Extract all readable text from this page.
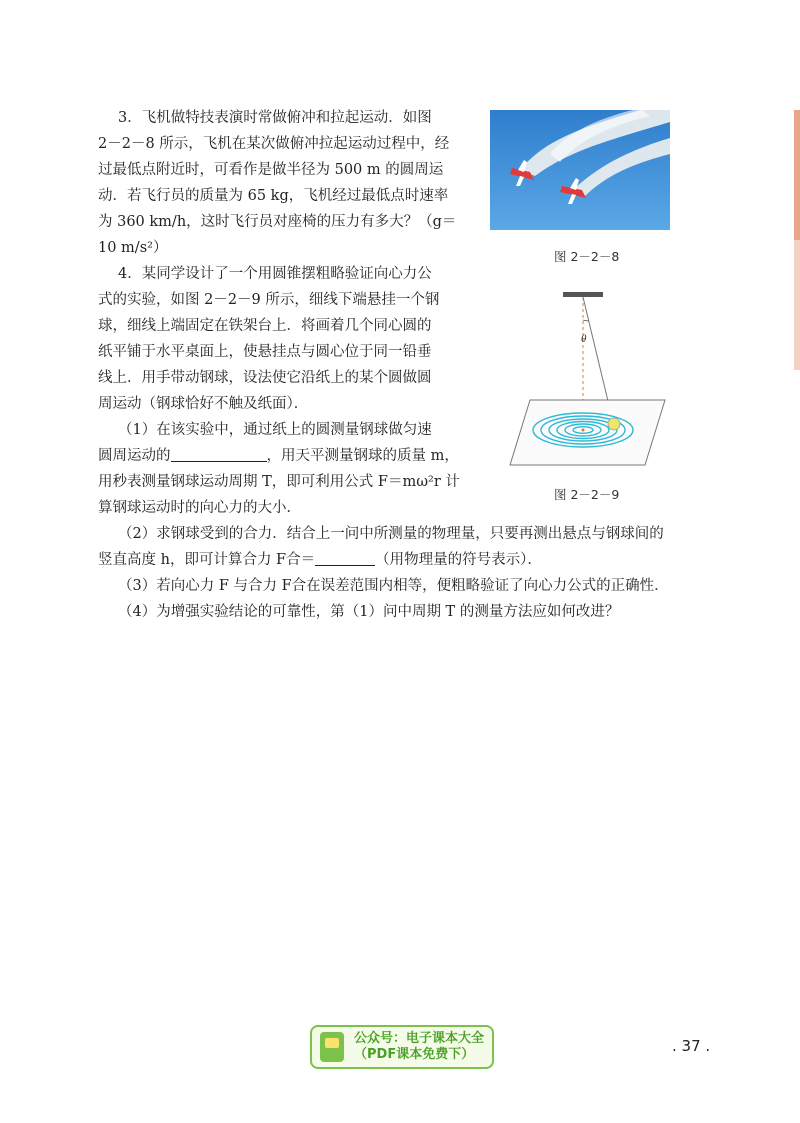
3．飞机做特技表演时常做俯冲和拉起运动．如图
2－2－8 所示，飞机在某次做俯冲拉起运动过程中，经
过最低点附近时，可看作是做半径为 500 m 的圆周运
动．若飞行员的质量为 65 kg，飞机经过最低点时速率
为 360 km/h，这时飞行员对座椅的压力有多大？（g＝
10 m/s²）
4．某同学设计了一个用圆锥摆粗略验证向心力公
式的实验，如图 2－2－9 所示，细线下端悬挂一个钢
球，细线上端固定在铁架台上．将画着几个同心圆的
纸平铺于水平桌面上，使悬挂点与圆心位于同一铅垂
线上．用手带动钢球，设法使它沿纸上的某个圆做圆
周运动（钢球恰好不触及纸面）．
（1）在该实验中，通过纸上的圆测量钢球做匀速
圆周运动的	，用天平测量钢球的质量 m，
用秒表测量钢球运动周期 T，即可利用公式 F＝mω²r 计
算钢球运动时的向心力的大小．
（2）求钢球受到的合力．结合上一问中所测量的物理量，只要再测出悬点与钢球间的
竖直高度 h，即可计算合力 F合＝	（用物理量的符号表示）．
（3）若向心力 F 与合力 F合在误差范围内相等，便粗略验证了向心力公式的正确性．
（4）为增强实验结论的可靠性，第（1）问中周期 T 的测量方法应如何改进？
图 2－2－8
θ
图 2－2－9
公众号：电子课本大全
（PDF课本免费下）	. 37 .
